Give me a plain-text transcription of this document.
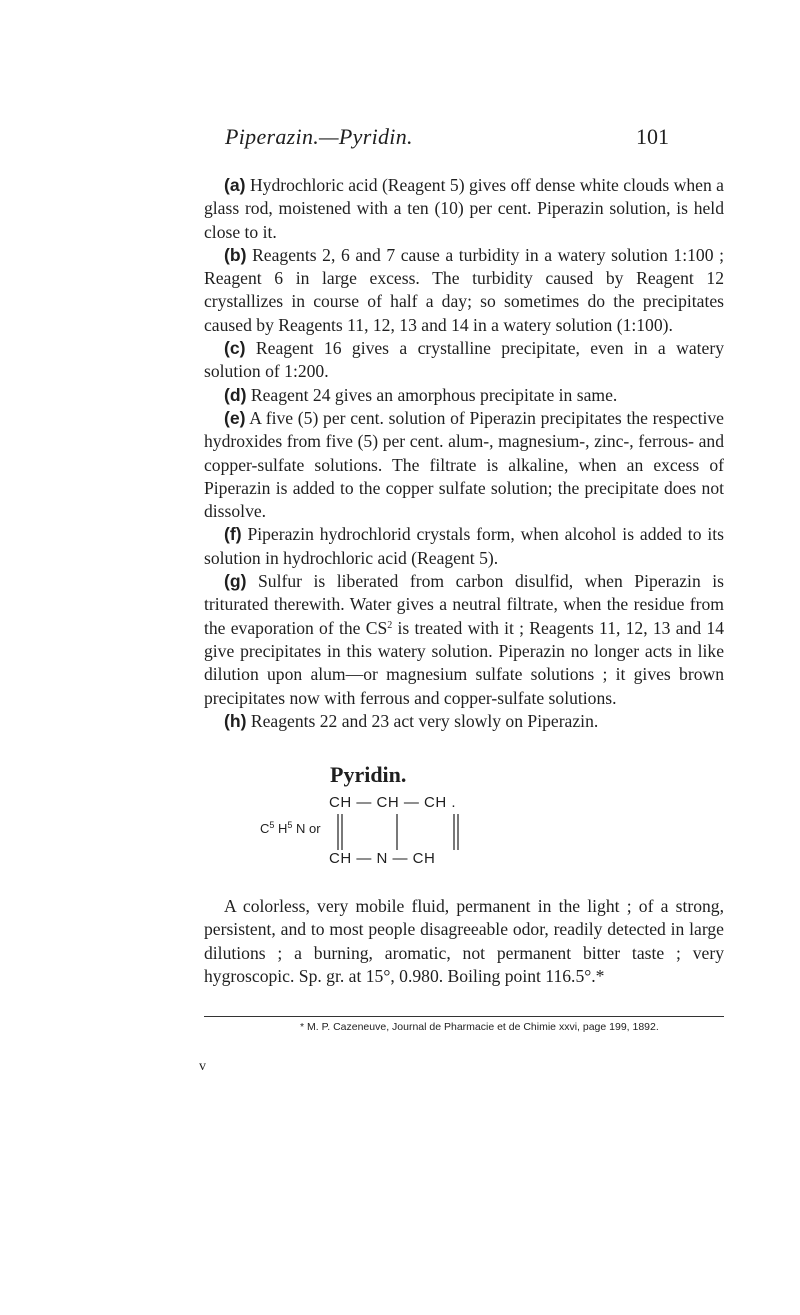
Piperazin.—Pyridin.	101

(a) Hydrochloric acid (Reagent 5) gives off dense white clouds when a glass rod, moistened with a ten (10) per cent. Piperazin solution, is held close to it.

(b) Reagents 2, 6 and 7 cause a turbidity in a watery solution 1:100 ; Reagent 6 in large excess. The turbidity caused by Reagent 12 crystallizes in course of half a day; so sometimes do the precipitates caused by Reagents 11, 12, 13 and 14 in a watery solution (1:100).

(c) Reagent 16 gives a crystalline precipitate, even in a watery solution of 1:200.

(d) Reagent 24 gives an amorphous precipitate in same.

(e) A five (5) per cent. solution of Piperazin precipitates the respective hydroxides from five (5) per cent. alum-, magnesium-, zinc-, ferrous- and copper-sulfate solutions. The filtrate is alkaline, when an excess of Piperazin is added to the copper sulfate solution; the precipitate does not dissolve.

(f) Piperazin hydrochlorid crystals form, when alcohol is added to its solution in hydrochloric acid (Reagent 5).

(g) Sulfur is liberated from carbon disulfid, when Piperazin is triturated therewith. Water gives a neutral filtrate, when the residue from the evaporation of the $CS^2$ is treated with it ; Reagents 11, 12, 13 and 14 give precipitates in this watery solution. Piperazin no longer acts in like dilution upon alum—or magnesium sulfate solutions ; it gives brown precipitates now with ferrous and copper-sulfate solutions.

(h) Reagents 22 and 23 act very slowly on Piperazin.

Pyridin.
$C^5$ $H^5$ N or
CH — CH — CH .
CH — N — CH

A colorless, very mobile fluid, permanent in the light ; of a strong, persistent, and to most people disagreeable odor, readily detected in large dilutions ; a burning, aromatic, not permanent bitter taste ; very hygroscopic. Sp. gr. at 15°, 0.980. Boiling point 116.5°.*

* M. P. Cazeneuve, Journal de Pharmacie et de Chimie xxvi, page 199, 1892.
v
